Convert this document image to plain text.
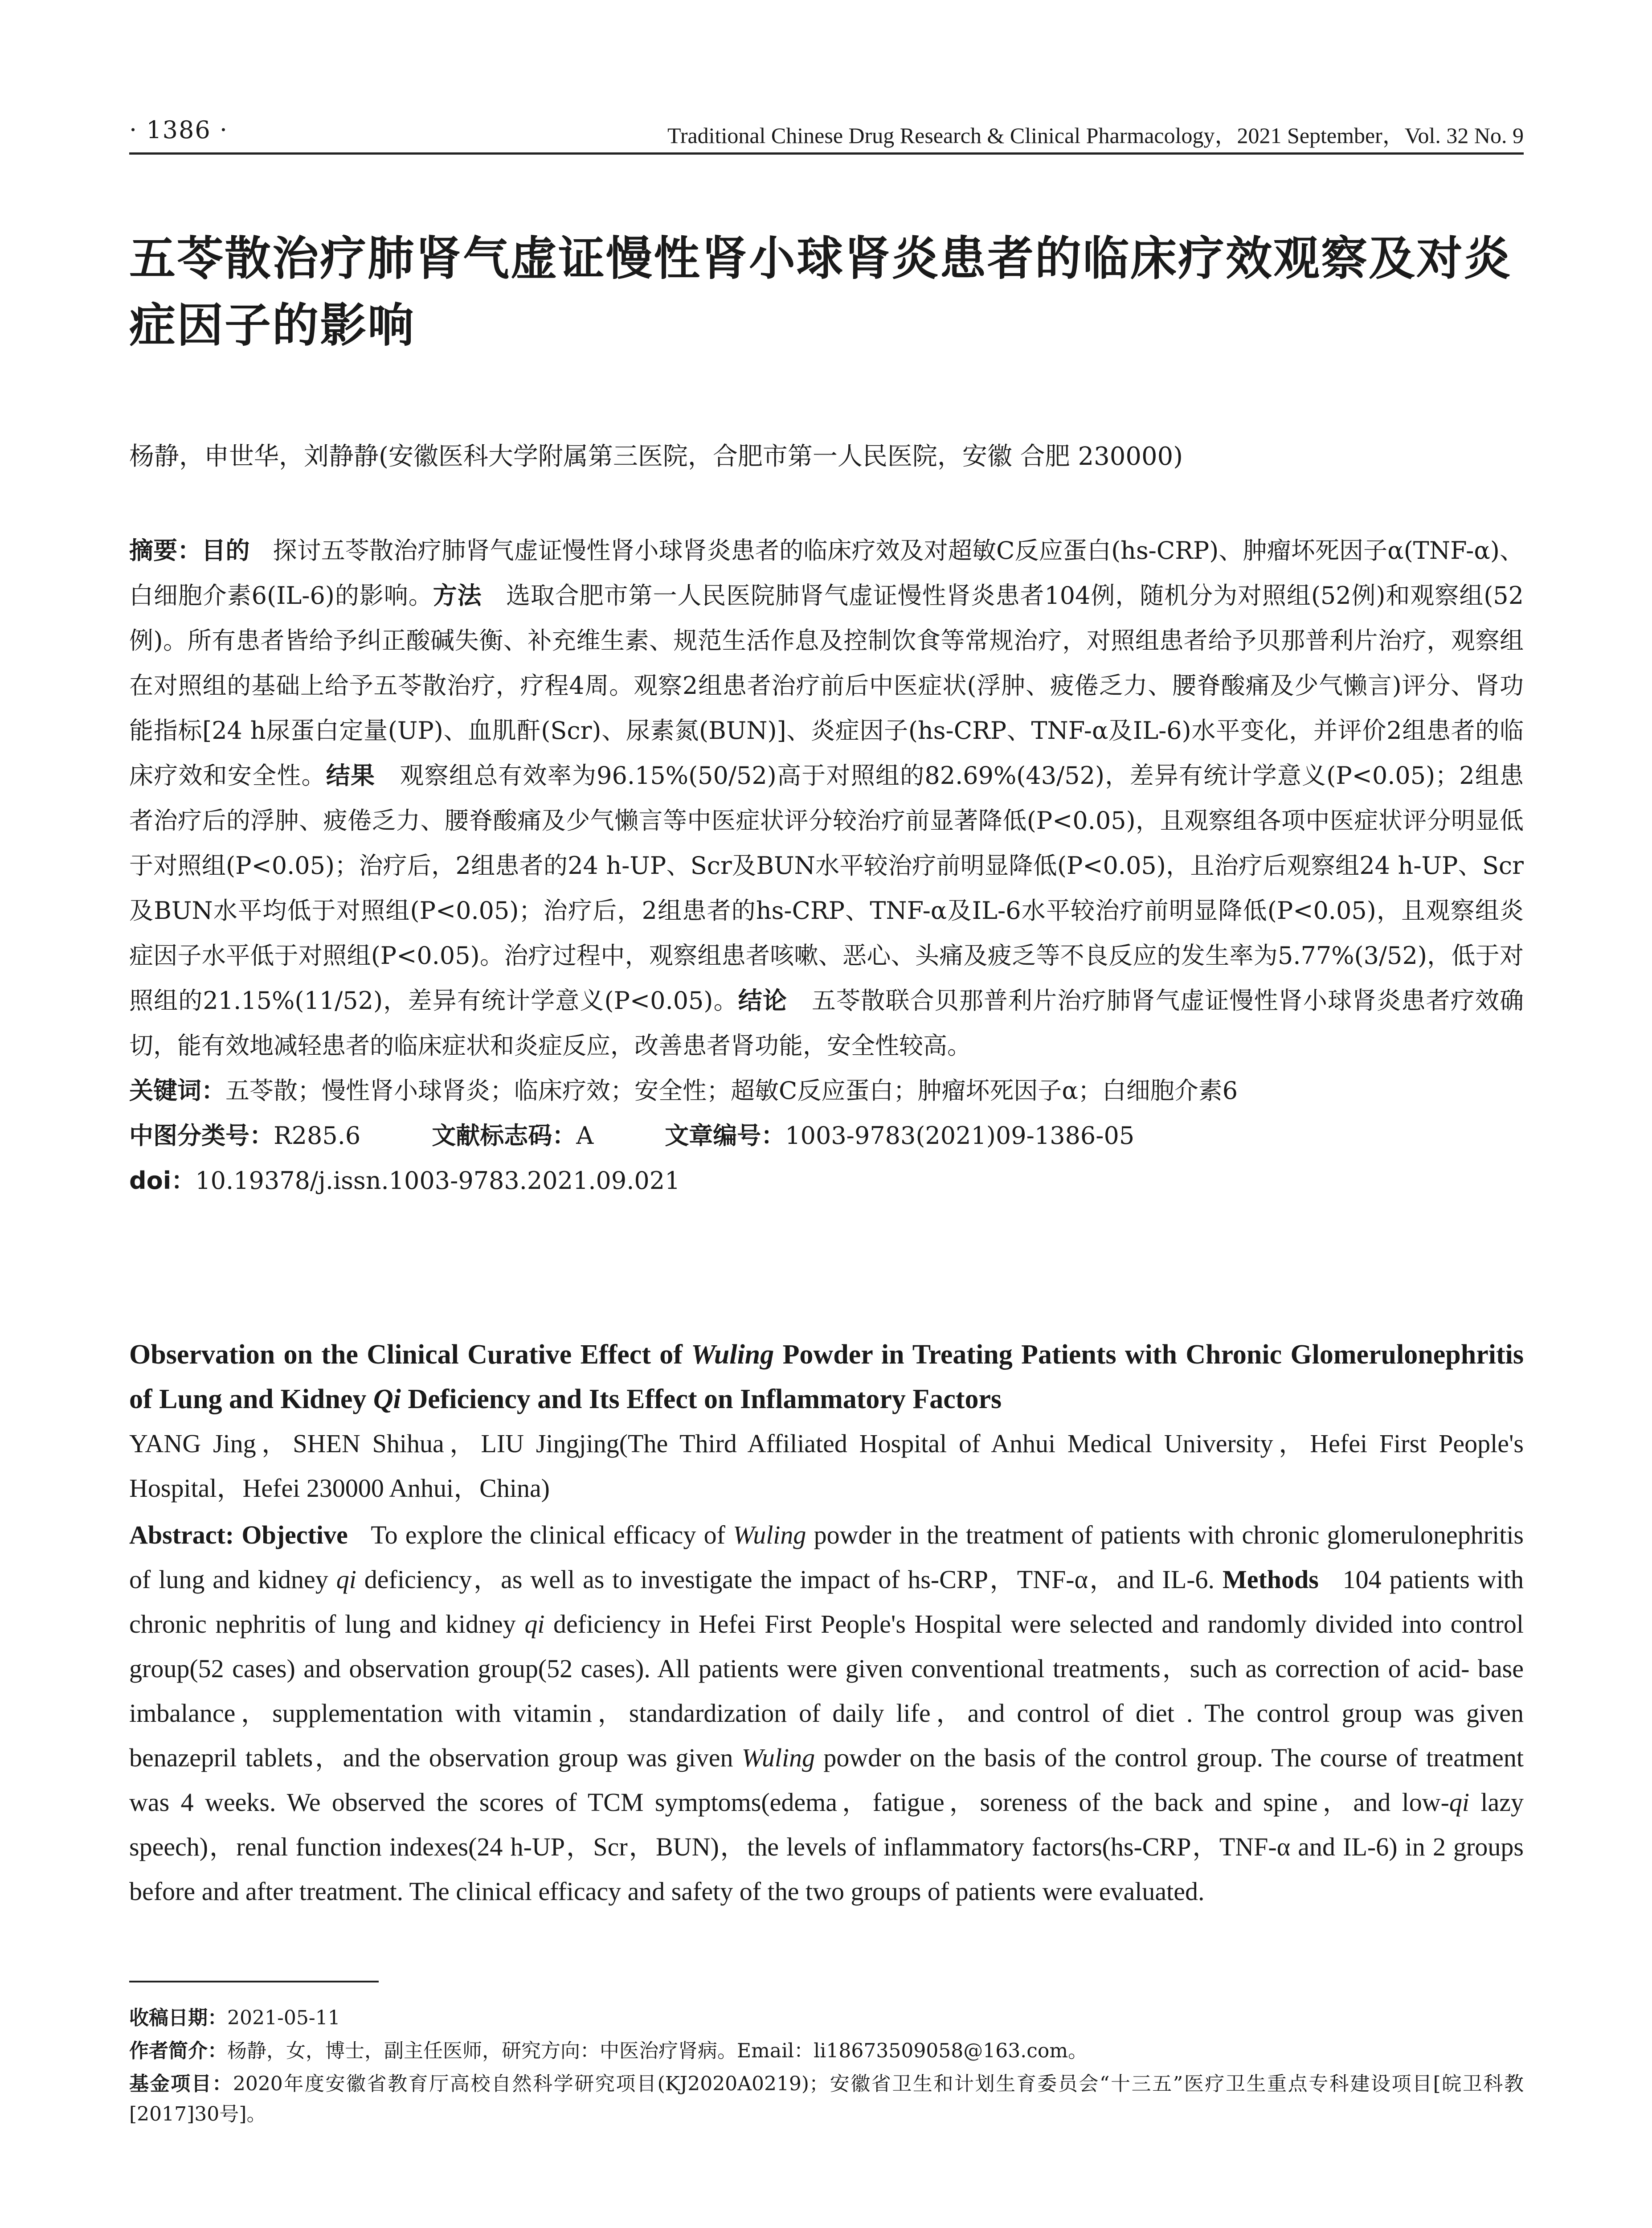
· 1386 ·	Traditional Chinese Drug Research & Clinical Pharmacology，2021 September，Vol. 32 No. 9
五苓散治疗肺肾气虚证慢性肾小球肾炎患者的临床疗效观察及对炎症因子的影响
杨静，申世华，刘静静(安徽医科大学附属第三医院，合肥市第一人民医院，安徽 合肥 230000)

摘要：目的 探讨五苓散治疗肺肾气虚证慢性肾小球肾炎患者的临床疗效及对超敏C反应蛋白(hs-CRP)、肿瘤坏死因子α(TNF-α)、白细胞介素6(IL-6)的影响。方法 选取合肥市第一人民医院肺肾气虚证慢性肾炎患者104例，随机分为对照组(52例)和观察组(52例)。所有患者皆给予纠正酸碱失衡、补充维生素、规范生活作息及控制饮食等常规治疗，对照组患者给予贝那普利片治疗，观察组在对照组的基础上给予五苓散治疗，疗程4周。观察2组患者治疗前后中医症状(浮肿、疲倦乏力、腰脊酸痛及少气懒言)评分、肾功能指标[24 h尿蛋白定量(UP)、血肌酐(Scr)、尿素氮(BUN)]、炎症因子(hs-CRP、TNF-α及IL-6)水平变化，并评价2组患者的临床疗效和安全性。结果 观察组总有效率为96.15%(50/52)高于对照组的82.69%(43/52)，差异有统计学意义(P<0.05)；2组患者治疗后的浮肿、疲倦乏力、腰脊酸痛及少气懒言等中医症状评分较治疗前显著降低(P<0.05)，且观察组各项中医症状评分明显低于对照组(P<0.05)；治疗后，2组患者的24 h-UP、Scr及BUN水平较治疗前明显降低(P<0.05)，且治疗后观察组24 h-UP、Scr及BUN水平均低于对照组(P<0.05)；治疗后，2组患者的hs-CRP、TNF-α及IL-6水平较治疗前明显降低(P<0.05)，且观察组炎症因子水平低于对照组(P<0.05)。治疗过程中，观察组患者咳嗽、恶心、头痛及疲乏等不良反应的发生率为5.77%(3/52)，低于对照组的21.15%(11/52)，差异有统计学意义(P<0.05)。结论 五苓散联合贝那普利片治疗肺肾气虚证慢性肾小球肾炎患者疗效确切，能有效地减轻患者的临床症状和炎症反应，改善患者肾功能，安全性较高。

关键词：五苓散；慢性肾小球肾炎；临床疗效；安全性；超敏C反应蛋白；肿瘤坏死因子α；白细胞介素6

中图分类号：R285.6	文献标志码：A	文章编号：1003-9783(2021)09-1386-05

doi：10.19378/j.issn.1003-9783.2021.09.021

Observation on the Clinical Curative Effect of Wuling Powder in Treating Patients with Chronic Glomerulonephritis of Lung and Kidney Qi Deficiency and Its Effect on Inflammatory Factors
YANG Jing，SHEN Shihua，LIU Jingjing(The Third Affiliated Hospital of Anhui Medical University，Hefei First People's Hospital，Hefei 230000 Anhui，China)
Abstract: Objective To explore the clinical efficacy of Wuling powder in the treatment of patients with chronic glomerulonephritis of lung and kidney qi deficiency，as well as to investigate the impact of hs-CRP，TNF-α，and IL-6. Methods 104 patients with chronic nephritis of lung and kidney qi deficiency in Hefei First People's Hospital were selected and randomly divided into control group(52 cases) and observation group(52 cases). All patients were given conventional treatments，such as correction of acid- base imbalance，supplementation with vitamin，standardization of daily life，and control of diet . The control group was given benazepril tablets，and the observation group was given Wuling powder on the basis of the control group. The course of treatment was 4 weeks. We observed the scores of TCM symptoms(edema，fatigue，soreness of the back and spine，and low-qi lazy speech)，renal function indexes(24 h-UP，Scr，BUN)，the levels of inflammatory factors(hs-CRP，TNF-α and IL-6) in 2 groups before and after treatment. The clinical efficacy and safety of the two groups of patients were evaluated.

收稿日期：2021-05-11

作者简介：杨静，女，博士，副主任医师，研究方向：中医治疗肾病。Email：li18673509058@163.com。

基金项目：2020年度安徽省教育厅高校自然科学研究项目(KJ2020A0219)；安徽省卫生和计划生育委员会“十三五”医疗卫生重点专科建设项目[皖卫科教[2017]30号]。
